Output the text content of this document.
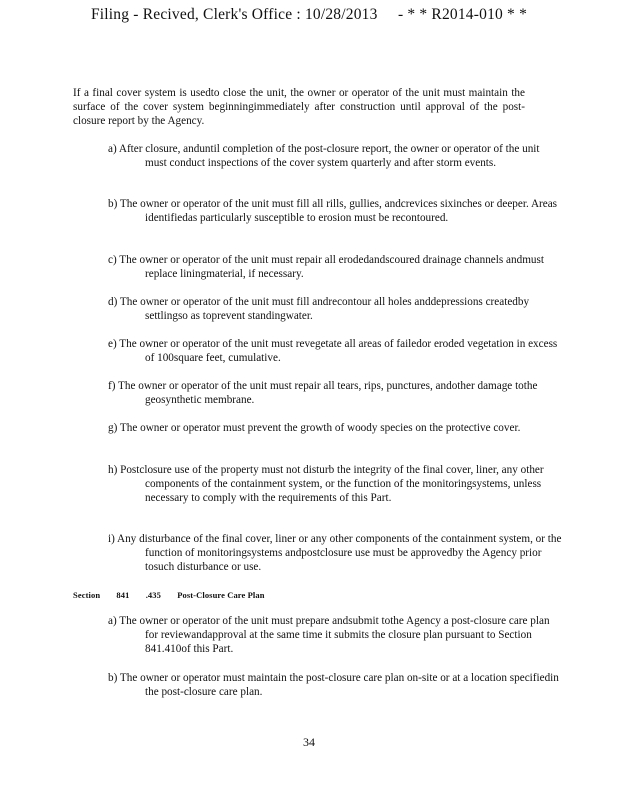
Filing - Recived, Clerk's Office : 10/28/2013 - * * R2014-010 * *
If a final cover system is usedto close the unit, the owner or operator of the unit must maintain the surface of the cover system beginningimmediately after construction until approval of the post-closure report by the Agency.
a) After closure, anduntil completion of the post-closure report, the owner or operator of the unit must conduct inspections of the cover system quarterly and after storm events.
b) The owner or operator of the unit must fill all rills, gullies, andcrevices sixinches or deeper. Areas identifiedas particularly susceptible to erosion must be recontoured.
c) The owner or operator of the unit must repair all erodedandscoured drainage channels andmust replace liningmaterial, if necessary.
d) The owner or operator of the unit must fill andrecontour all holes anddepressions createdby settlingso as toprevent standingwater.
e) The owner or operator of the unit must revegetate all areas of failedor eroded vegetation in excess of 100square feet, cumulative.
f) The owner or operator of the unit must repair all tears, rips, punctures, andother damage tothe geosynthetic membrane.
g) The owner or operator must prevent the growth of woody species on the protective cover.
h) Postclosure use of the property must not disturb the integrity of the final cover, liner, any other components of the containment system, or the function of the monitoringsystems, unless necessary to comply with the requirements of this Part.
i) Any disturbance of the final cover, liner or any other components of the containment system, or the function of monitoringsystems andpostclosure use must be approvedby the Agency prior tosuch disturbance or use.
Section 841 .435 Post-Closure Care Plan
a) The owner or operator of the unit must prepare andsubmit tothe Agency a post-closure care plan for reviewandapproval at the same time it submits the closure plan pursuant to Section 841.410of this Part.
b) The owner or operator must maintain the post-closure care plan on-site or at a location specifiedin the post-closure care plan.
34
